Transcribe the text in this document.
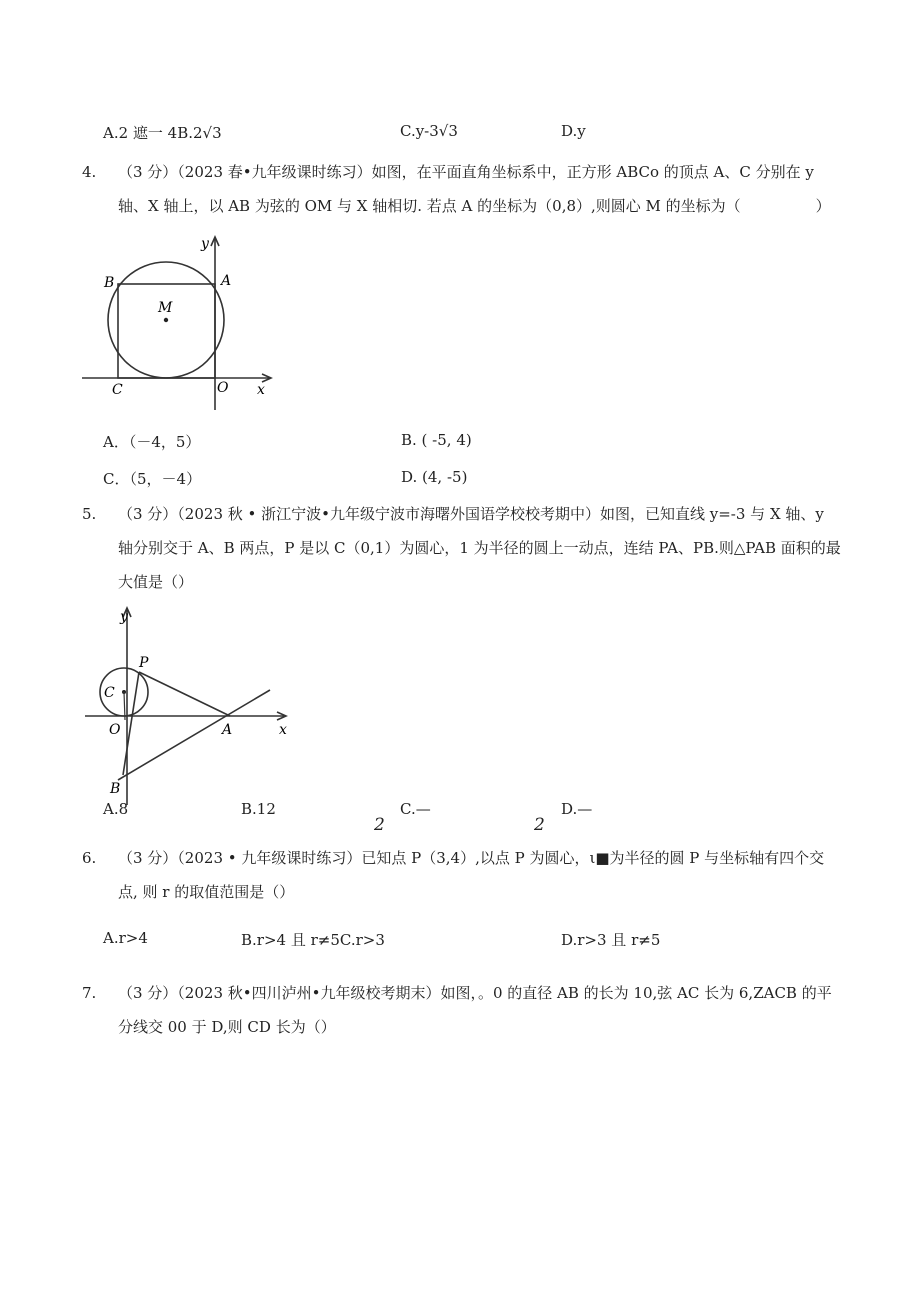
A.2 遮一 4B.2√3	C.y-3√3	D.y
4. （3 分）（2023 春•九年级课时练习）如图，在平面直角坐标系中，正方形 ABCo 的顶点 A、C 分别在 y 轴、X 轴上，以 AB 为弦的 OM 与 X 轴相切. 若点 A 的坐标为（0,8）,则圆心 M 的坐标为（　　　　　）
B	A
M
C	O x
y
A．（－4，5）	B. ( -5, 4)
C．（5，－4）	D. (4, -5)
5. （3 分）（2023 秋 • 浙江宁波•九年级宁波市海曙外国语学校校考期中）如图，已知直线 y=-3 与 X 轴、y 轴分别交于 A、B 两点，P 是以 C（0,1）为圆心，1 为半径的圆上一动点，连结 PA、PB.则△PAB 面积的最大值是（）
y
P
C
O	A	x
B
A.8	B.12	C.—	D.—
2	2
6. （3 分）（2023 • 九年级课时练习）已知点 P（3,4）,以点 P 为圆心，ι■为半径的圆 P 与坐标轴有四个交点, 则 r 的取值范围是（）
A.r>4	B.r>4 且 r≠5C.r>3	D.r>3 且 r≠5
7. （3 分）（2023 秋•四川泸州•九年级校考期末）如图，。0 的直径 AB 的长为 10,弦 AC 长为 6,ZACB 的平分线交 00 于 D,则 CD 长为（）
